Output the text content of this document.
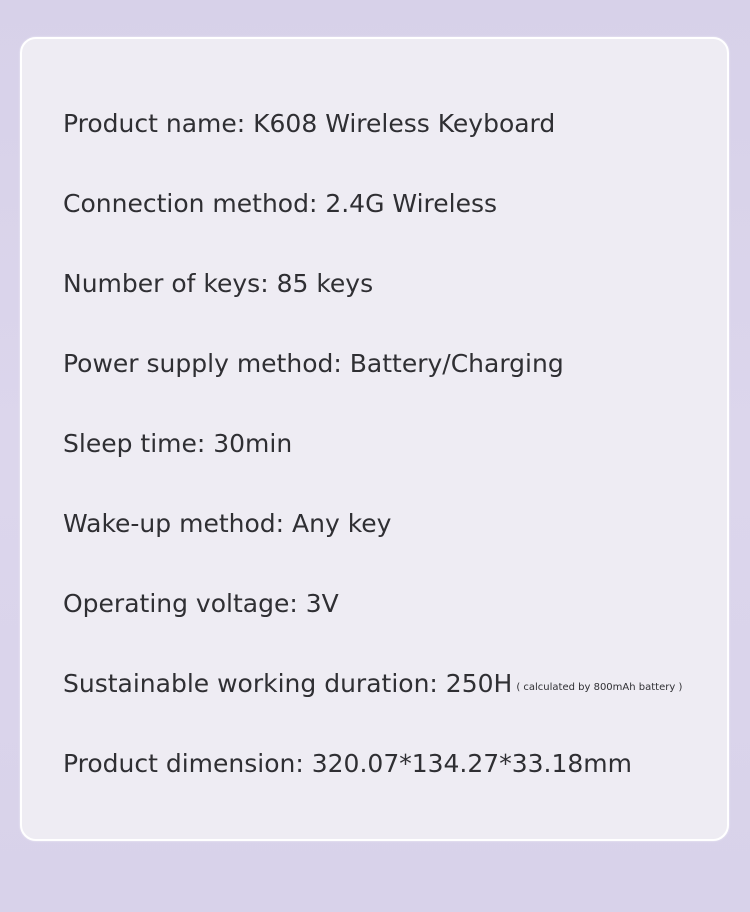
Product name: K608 Wireless Keyboard
Connection method: 2.4G Wireless
Number of keys: 85 keys
Power supply method: Battery/Charging
Sleep time: 30min
Wake-up method: Any key
Operating voltage: 3V
Sustainable working duration: 250H ( calculated by 800mAh battery )
Product dimension: 320.07*134.27*33.18mm
